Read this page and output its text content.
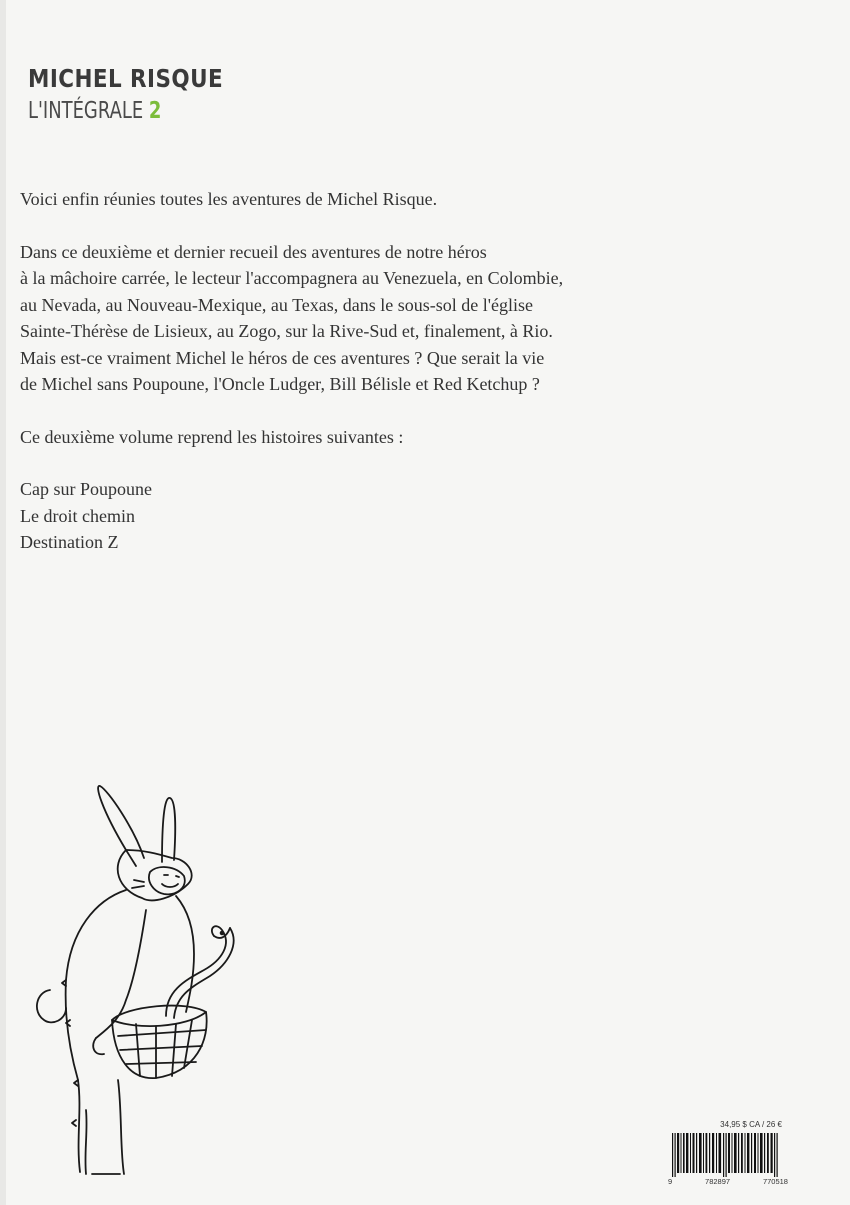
MICHEL RISQUE
L'INTÉGRALE 2

Voici enfin réunies toutes les aventures de Michel Risque.

Dans ce deuxième et dernier recueil des aventures de notre héros

à la mâchoire carrée, le lecteur l'accompagnera au Venezuela, en Colombie,

au Nevada, au Nouveau-Mexique, au Texas, dans le sous-sol de l'église

Sainte-Thérèse de Lisieux, au Zogo, sur la Rive-Sud et, finalement, à Rio.

Mais est-ce vraiment Michel le héros de ces aventures ? Que serait la vie

de Michel sans Poupoune, l'Oncle Ludger, Bill Bélisle et Red Ketchup ?

Ce deuxième volume reprend les histoires suivantes :

Cap sur Poupoune
Le droit chemin
Destination Z
34,95 $ CA / 26 €
9	782897	770518
